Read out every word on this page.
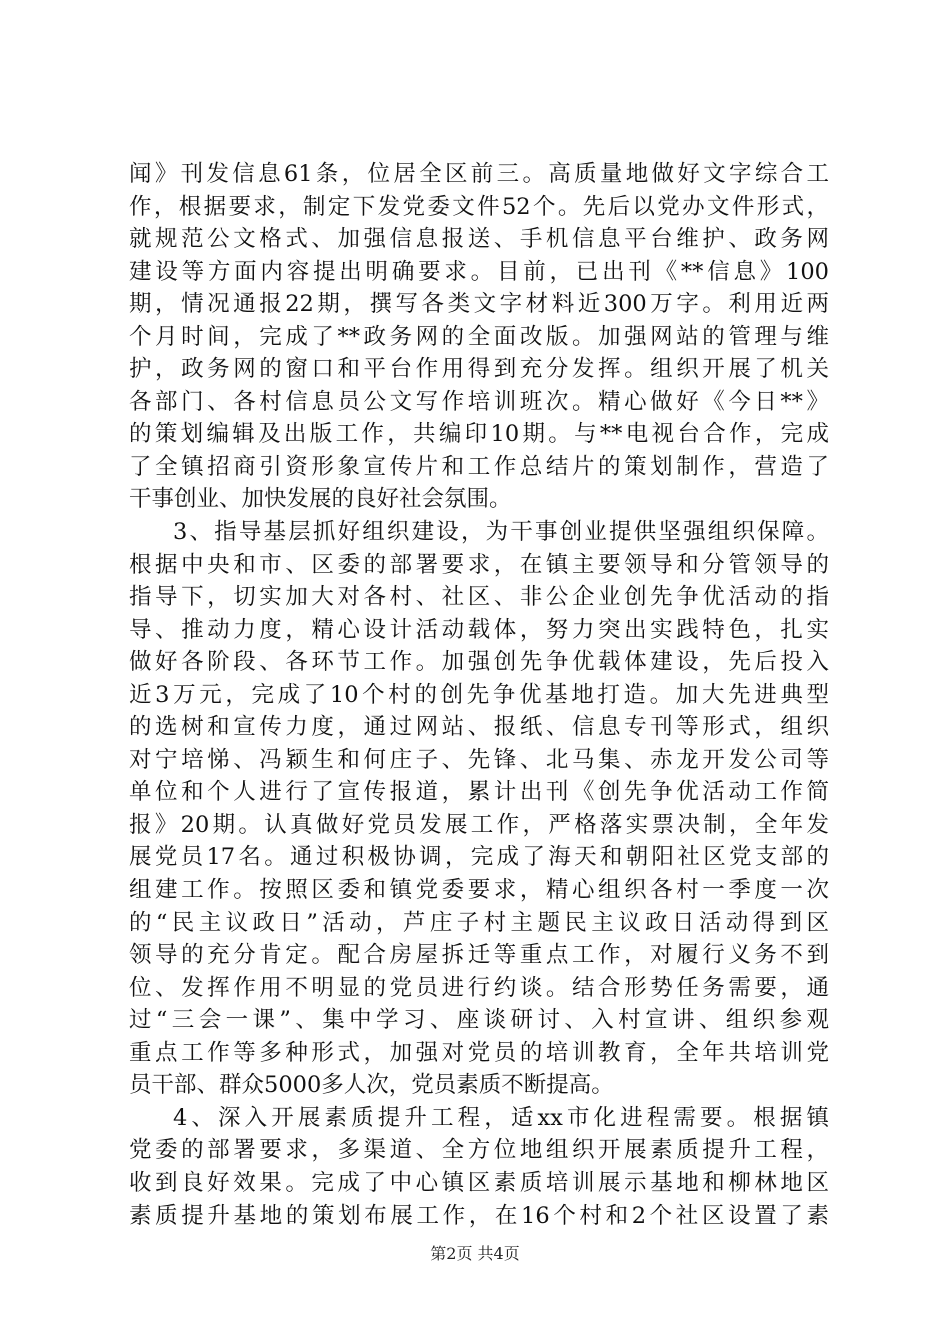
闻》刊发信息61条，位居全区前三。高质量地做好文字综合工
作，根据要求，制定下发党委文件52个。先后以党办文件形式，
就规范公文格式、加强信息报送、手机信息平台维护、政务网
建设等方面内容提出明确要求。目前，已出刊《**信息》100
期，情况通报22期，撰写各类文字材料近300万字。利用近两
个月时间，完成了**政务网的全面改版。加强网站的管理与维
护，政务网的窗口和平台作用得到充分发挥。组织开展了机关
各部门、各村信息员公文写作培训班次。精心做好《今日**》
的策划编辑及出版工作，共编印10期。与**电视台合作，完成
了全镇招商引资形象宣传片和工作总结片的策划制作，营造了
干事创业、加快发展的良好社会氛围。
3、指导基层抓好组织建设，为干事创业提供坚强组织保障。
根据中央和市、区委的部署要求，在镇主要领导和分管领导的
指导下，切实加大对各村、社区、非公企业创先争优活动的指
导、推动力度，精心设计活动载体，努力突出实践特色，扎实
做好各阶段、各环节工作。加强创先争优载体建设，先后投入
近3万元，完成了10个村的创先争优基地打造。加大先进典型
的选树和宣传力度，通过网站、报纸、信息专刊等形式，组织
对宁培悌、冯颖生和何庄子、先锋、北马集、赤龙开发公司等
单位和个人进行了宣传报道，累计出刊《创先争优活动工作简
报》20期。认真做好党员发展工作，严格落实票决制，全年发
展党员17名。通过积极协调，完成了海天和朝阳社区党支部的
组建工作。按照区委和镇党委要求，精心组织各村一季度一次
的“民主议政日”活动，芦庄子村主题民主议政日活动得到区
领导的充分肯定。配合房屋拆迁等重点工作，对履行义务不到
位、发挥作用不明显的党员进行约谈。结合形势任务需要，通
过“三会一课”、集中学习、座谈研讨、入村宣讲、组织参观
重点工作等多种形式，加强对党员的培训教育，全年共培训党
员干部、群众5000多人次，党员素质不断提高。
4、深入开展素质提升工程，适xx市化进程需要。根据镇
党委的部署要求，多渠道、全方位地组织开展素质提升工程，
收到良好效果。完成了中心镇区素质培训展示基地和柳林地区
素质提升基地的策划布展工作，在16个村和2个社区设置了素
第2页 共4页
